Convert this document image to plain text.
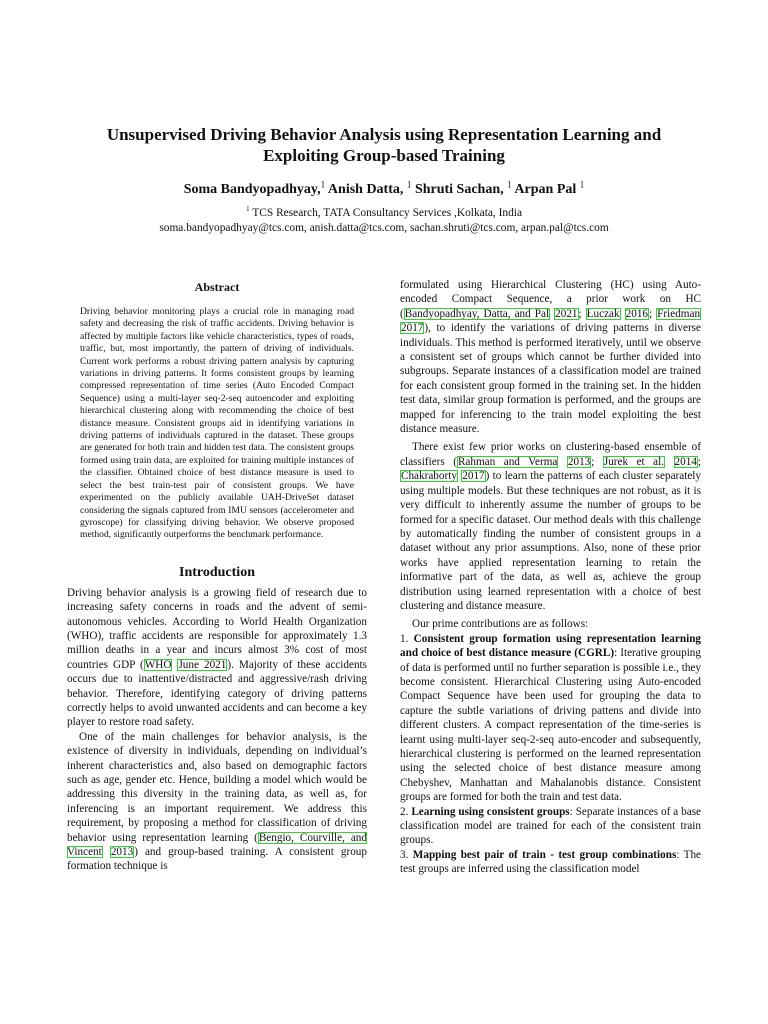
Unsupervised Driving Behavior Analysis using Representation Learning and
Exploiting Group-based Training
Soma Bandyopadhyay,$^1$ Anish Datta, $^1$ Shruti Sachan, $^1$ Arpan Pal $^1$
$^1$ TCS Research, TATA Consultancy Services ,Kolkata, India
soma.bandyopadhyay@tcs.com, anish.datta@tcs.com, sachan.shruti@tcs.com, arpan.pal@tcs.com
Abstract

Driving behavior monitoring plays a crucial role in managing road safety and decreasing the risk of traffic accidents. Driving behavior is affected by multiple factors like vehicle characteristics, types of roads, traffic, but, most importantly, the pattern of driving of individuals. Current work performs a robust driving pattern analysis by capturing variations in driving patterns. It forms consistent groups by learning compressed representation of time series (Auto Encoded Compact Sequence) using a multi-layer seq-2-seq autoencoder and exploiting hierarchical clustering along with recommending the choice of best distance measure. Consistent groups aid in identifying variations in driving patterns of individuals captured in the dataset. These groups are generated for both train and hidden test data. The consistent groups formed using train data, are exploited for training multiple instances of the classifier. Obtained choice of best distance measure is used to select the best train-test pair of consistent groups. We have experimented on the publicly available UAH-DriveSet dataset considering the signals captured from IMU sensors (accelerometer and gyroscope) for classifying driving behavior. We observe proposed method, significantly outperforms the benchmark performance.

Introduction

Driving behavior analysis is a growing field of research due to increasing safety concerns in roads and the advent of semi-autonomous vehicles. According to World Health Organization (WHO), traffic accidents are responsible for approximately 1.3 million deaths in a year and incurs almost 3% cost of most countries GDP (WHO June 2021). Majority of these accidents occurs due to inattentive/distracted and aggressive/rash driving behavior. Therefore, identifying category of driving patterns correctly helps to avoid unwanted accidents and can become a key player to restore road safety.

One of the main challenges for behavior analysis, is the existence of diversity in individuals, depending on individual’s inherent characteristics and, also based on demographic factors such as age, gender etc. Hence, building a model which would be addressing this diversity in the training data, as well as, for inferencing is an important requirement. We address this requirement, by proposing a method for classification of driving behavior using representation learning (Bengio, Courville, and Vincent 2013) and group-based training. A consistent group formation technique is

formulated using Hierarchical Clustering (HC) using Auto-encoded Compact Sequence, a prior work on HC (Bandyopadhyay, Datta, and Pal 2021; Łuczak 2016; Friedman 2017), to identify the variations of driving patterns in diverse individuals. This method is performed iteratively, until we observe a consistent set of groups which cannot be further divided into subgroups. Separate instances of a classification model are trained for each consistent group formed in the training set. In the hidden test data, similar group formation is performed, and the groups are mapped for inferencing to the train model exploiting the best distance measure.

There exist few prior works on clustering-based ensemble of classifiers (Rahman and Verma 2013; Jurek et al. 2014; Chakraborty 2017) to learn the patterns of each cluster separately using multiple models. But these techniques are not robust, as it is very difficult to inherently assume the number of groups to be formed for a specific dataset. Our method deals with this challenge by automatically finding the number of consistent groups in a dataset without any prior assumptions. Also, none of these prior works have applied representation learning to retain the informative part of the data, as well as, achieve the group distribution using learned representation with a choice of best clustering and distance measure.

Our prime contributions are as follows:

1. Consistent group formation using representation learning and choice of best distance measure (CGRL): Iterative grouping of data is performed until no further separation is possible i.e., they become consistent. Hierarchical Clustering using Auto-encoded Compact Sequence have been used for grouping the data to capture the subtle variations of driving pattens and divide into different clusters. A compact representation of the time-series is learnt using multi-layer seq-2-seq auto-encoder and subsequently, hierarchical clustering is performed on the learned representation using the selected choice of best distance measure among Chebyshev, Manhattan and Mahalanobis distance. Consistent groups are formed for both the train and test data.

2. Learning using consistent groups: Separate instances of a base classification model are trained for each of the consistent train groups.

3. Mapping best pair of train - test group combinations: The test groups are inferred using the classification model
